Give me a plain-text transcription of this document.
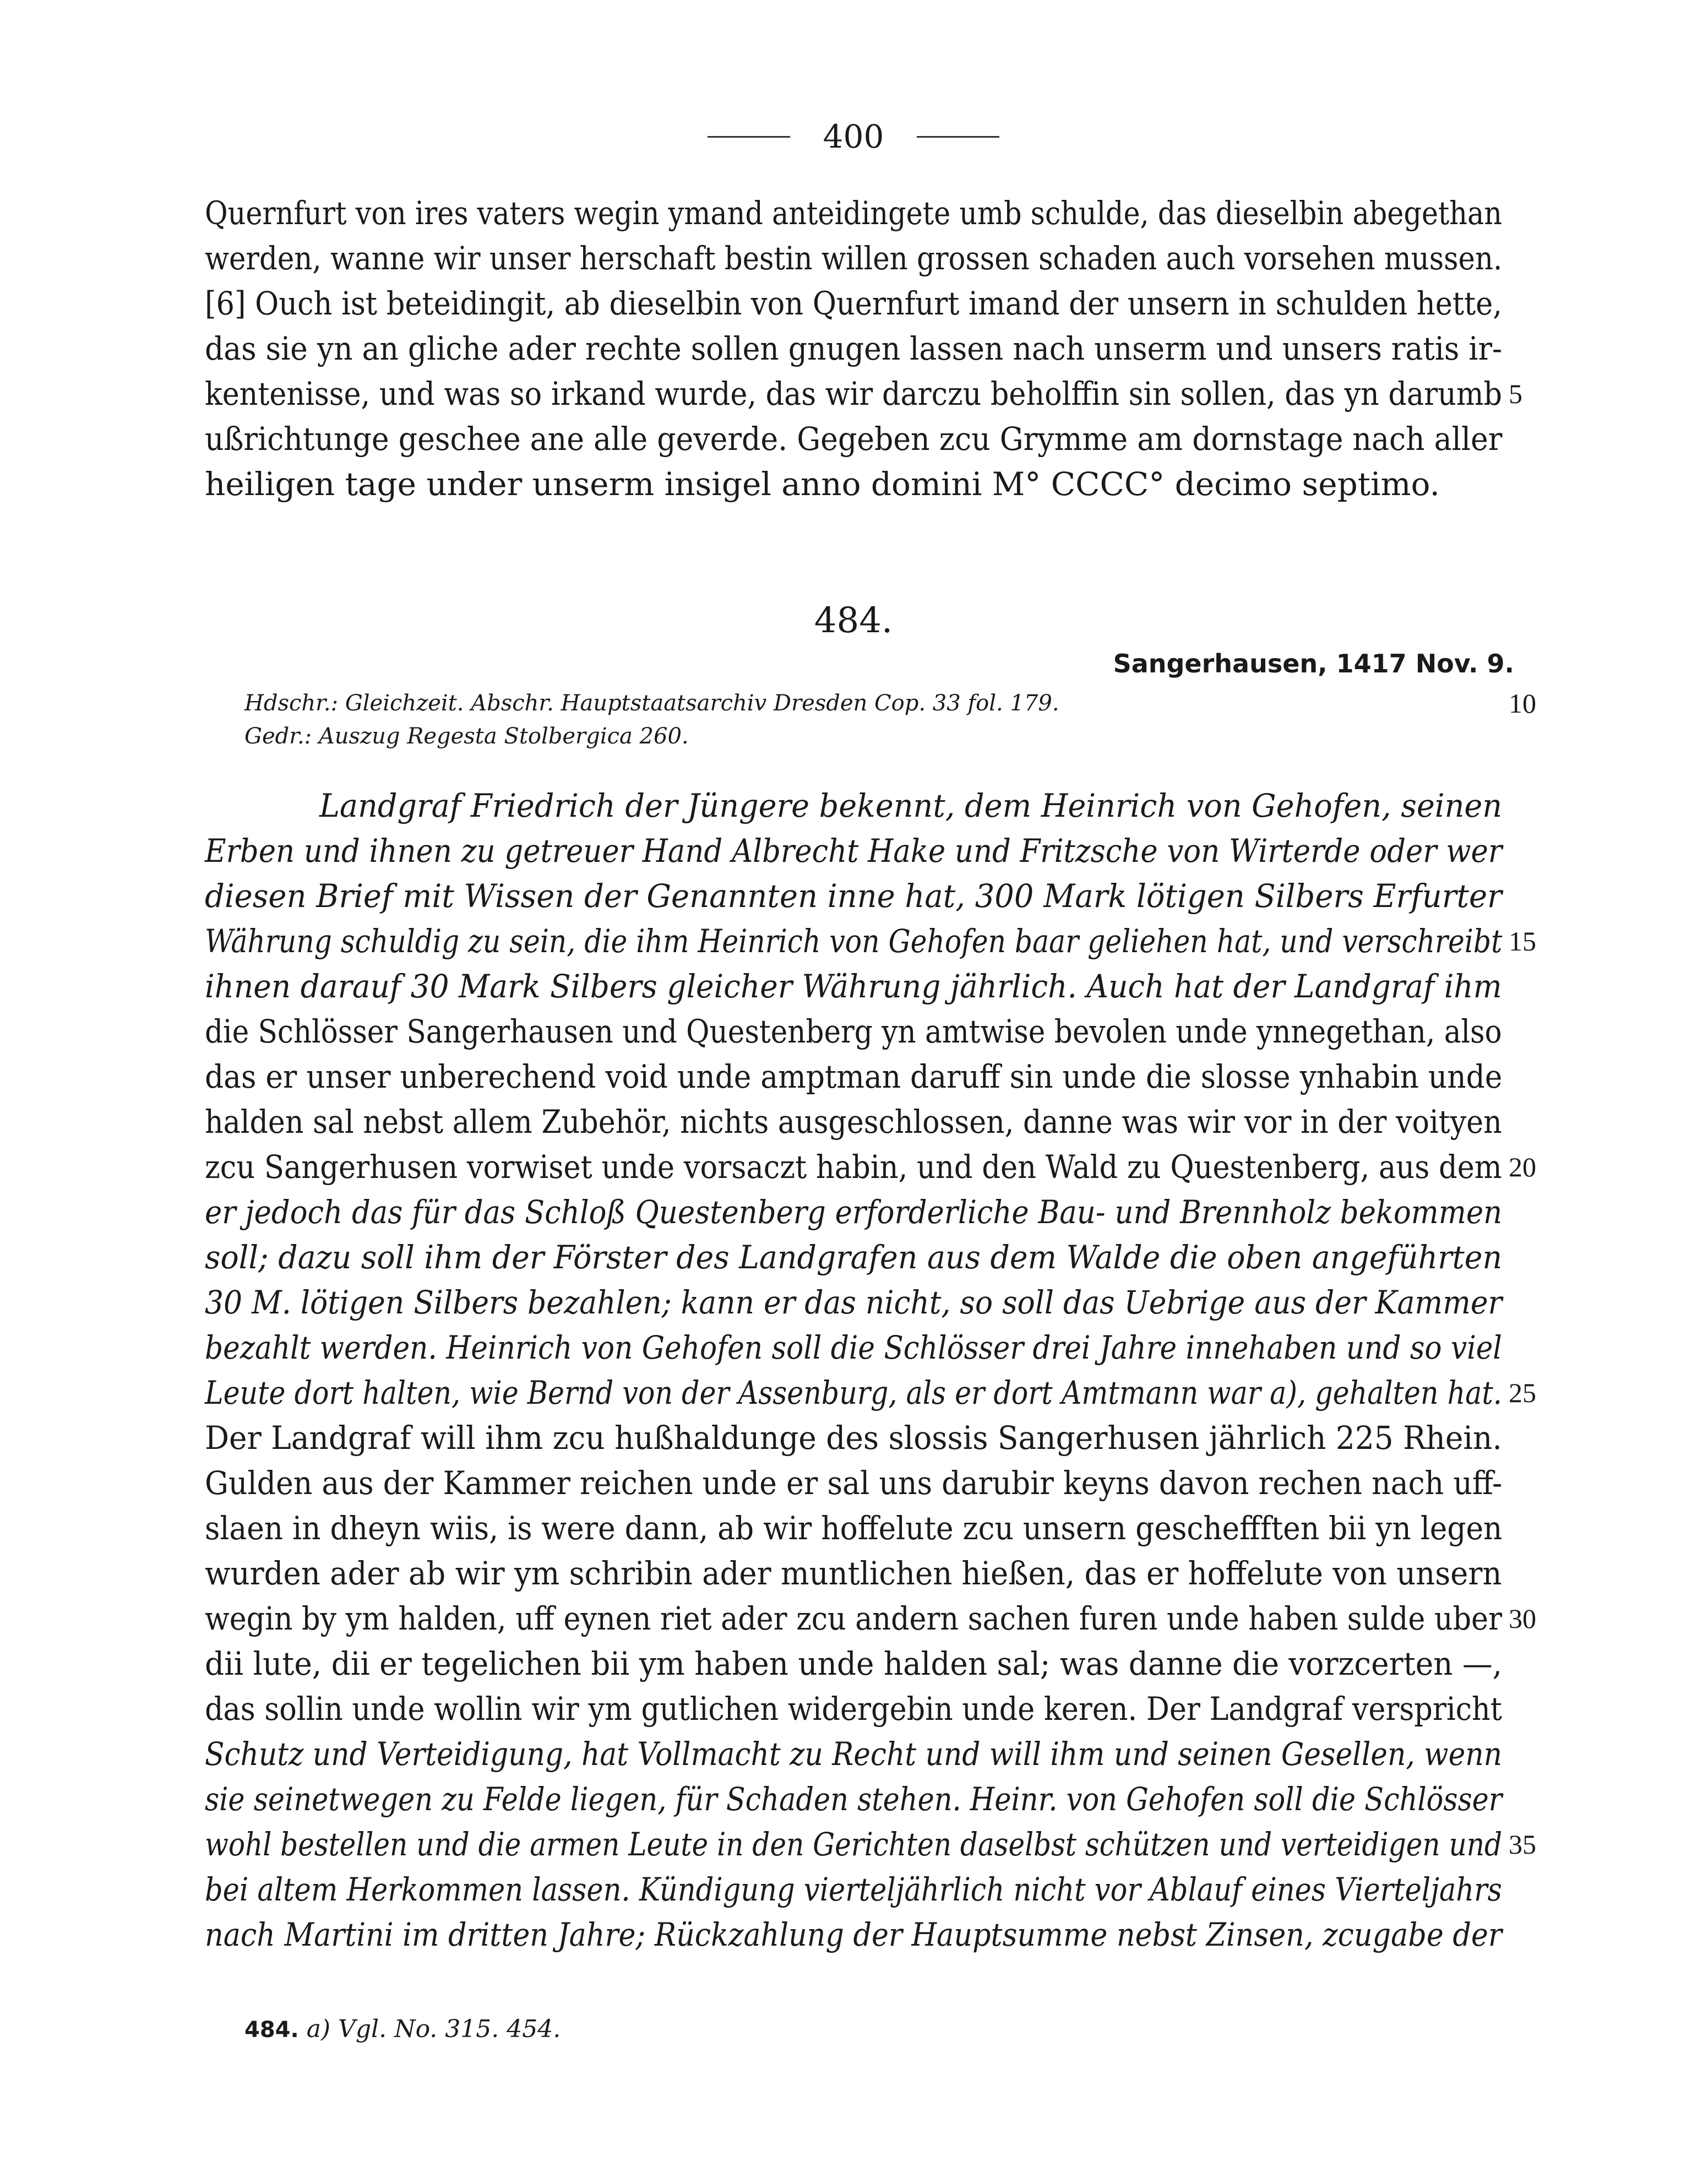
400
Quernfurt von ires vaters wegin ymand anteidingete umb schulde, das dieselbin abegethan
werden, wanne wir unser herschaft bestin willen grossen schaden auch vorsehen mussen.
[6] Ouch ist beteidingit, ab dieselbin von Quernfurt imand der unsern in schulden hette,
das sie yn an gliche ader rechte sollen gnugen lassen nach unserm und unsers ratis ir-
kentenisse, und was so irkand wurde, das wir darczu beholffin sin sollen, das yn darumb 5
ußrichtunge geschee ane alle geverde. Gegeben zcu Grymme am dornstage nach aller
heiligen tage under unserm insigel anno domini M° CCCC° decimo septimo.
484.
Sangerhausen, 1417 Nov. 9.
Hdschr.: Gleichzeit. Abschr. Hauptstaatsarchiv Dresden Cop. 33 fol. 179.	10
Gedr.: Auszug Regesta Stolbergica 260.
Landgraf Friedrich der Jüngere bekennt, dem Heinrich von Gehofen, seinen
Erben und ihnen zu getreuer Hand Albrecht Hake und Fritzsche von Wirterde oder wer
diesen Brief mit Wissen der Genannten inne hat, 300 Mark lötigen Silbers Erfurter
Währung schuldig zu sein, die ihm Heinrich von Gehofen baar geliehen hat, und verschreibt 15
ihnen darauf 30 Mark Silbers gleicher Währung jährlich. Auch hat der Landgraf ihm
die Schlösser Sangerhausen und Questenberg yn amtwise bevolen unde ynnegethan, also
das er unser unberechend void unde amptman daruff sin unde die slosse ynhabin unde
halden sal nebst allem Zubehör, nichts ausgeschlossen, danne was wir vor in der voityen
zcu Sangerhusen vorwiset unde vorsaczt habin, und den Wald zu Questenberg, aus dem 20
er jedoch das für das Schloß Questenberg erforderliche Bau- und Brennholz bekommen
soll; dazu soll ihm der Förster des Landgrafen aus dem Walde die oben angeführten
30 M. lötigen Silbers bezahlen; kann er das nicht, so soll das Uebrige aus der Kammer
bezahlt werden. Heinrich von Gehofen soll die Schlösser drei Jahre innehaben und so viel
Leute dort halten, wie Bernd von der Assenburg, als er dort Amtmann war a), gehalten hat. 25
Der Landgraf will ihm zcu hußhaldunge des slossis Sangerhusen jährlich 225 Rhein.
Gulden aus der Kammer reichen unde er sal uns darubir keyns davon rechen nach uff-
slaen in dheyn wiis, is were dann, ab wir hoffelute zcu unsern gescheffften bii yn legen
wurden ader ab wir ym schribin ader muntlichen hießen, das er hoffelute von unsern
wegin by ym halden, uff eynen riet ader zcu andern sachen furen unde haben sulde uber 30
dii lute, dii er tegelichen bii ym haben unde halden sal; was danne die vorzcerten —,
das sollin unde wollin wir ym gutlichen widergebin unde keren. Der Landgraf verspricht
Schutz und Verteidigung, hat Vollmacht zu Recht und will ihm und seinen Gesellen, wenn
sie seinetwegen zu Felde liegen, für Schaden stehen. Heinr. von Gehofen soll die Schlösser
wohl bestellen und die armen Leute in den Gerichten daselbst schützen und verteidigen und 35
bei altem Herkommen lassen. Kündigung vierteljährlich nicht vor Ablauf eines Vierteljahrs
nach Martini im dritten Jahre; Rückzahlung der Hauptsumme nebst Zinsen, zcugabe der
484. a) Vgl. No. 315. 454.
